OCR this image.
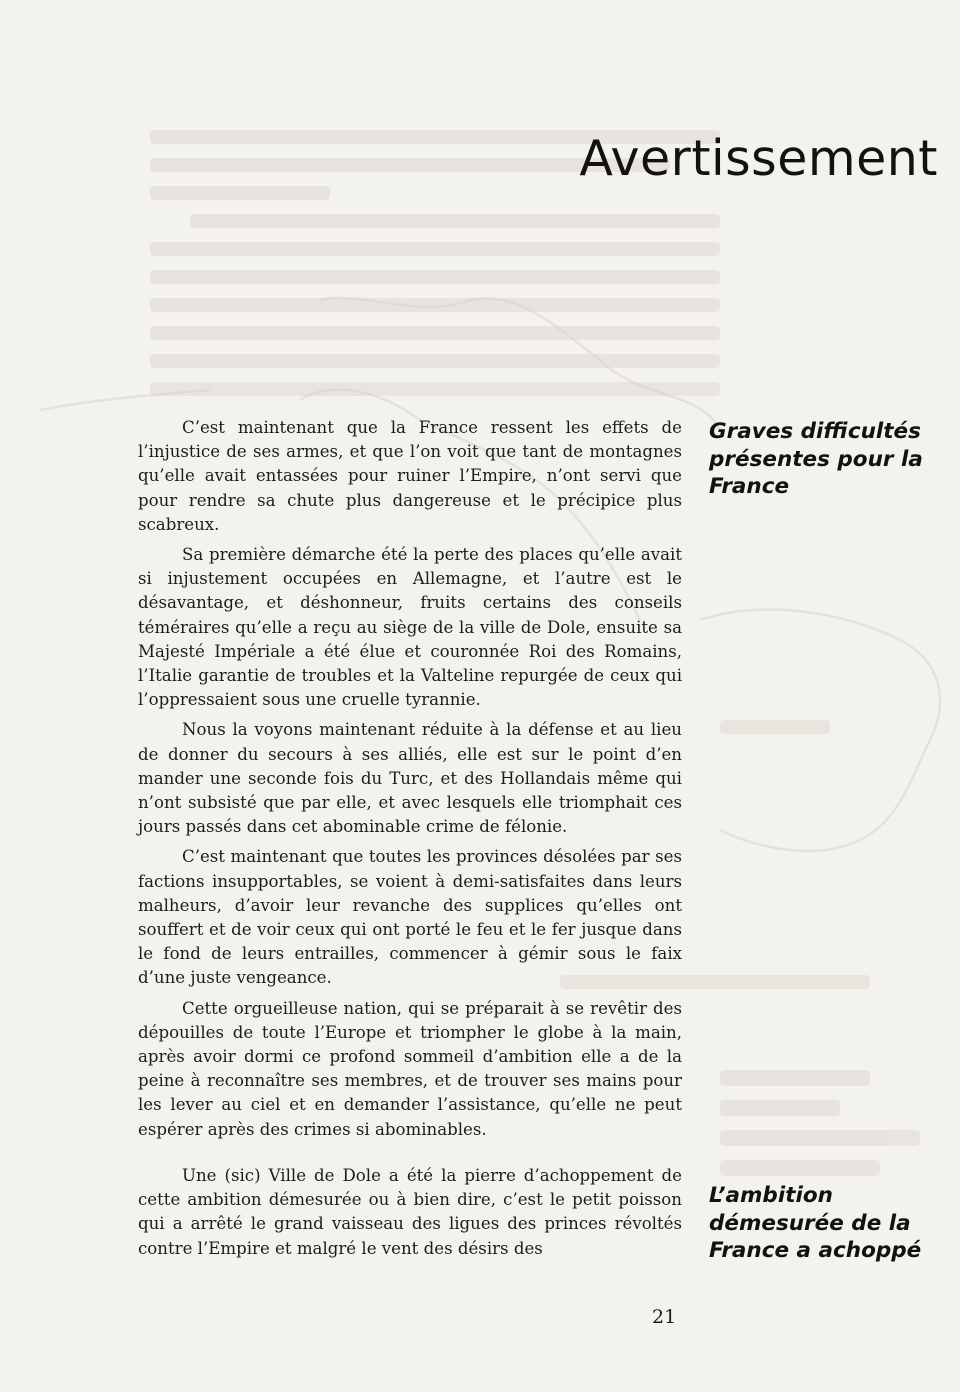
Avertissement

C’est maintenant que la France ressent les effets de l’injustice de ses armes, et que l’on voit que tant de montagnes qu’elle avait entassées pour ruiner l’Empire, n’ont servi que pour rendre sa chute plus dangereuse et le précipice plus scabreux.

Sa première démarche été la perte des places qu’elle avait si injustement occupées en Allemagne, et l’autre est le désavantage, et déshonneur, fruits certains des conseils téméraires qu’elle a reçu au siège de la ville de Dole, ensuite sa Majesté Impériale a été élue et couronnée Roi des Romains, l’Italie garantie de troubles et la Valteline repurgée de ceux qui l’oppressaient sous une cruelle tyrannie.

Nous la voyons maintenant réduite à la défense et au lieu de donner du secours à ses alliés, elle est sur le point d’en mander une seconde fois du Turc, et des Hollandais même qui n’ont subsisté que par elle, et avec lesquels elle triomphait ces jours passés dans cet abominable crime de félonie.

C’est maintenant que toutes les provinces désolées par ses factions insupportables, se voient à demi-satisfaites dans leurs malheurs, d’avoir leur revanche des supplices qu’elles ont souffert et de voir ceux qui ont porté le feu et le fer jusque dans le fond de leurs entrailles, commencer à gémir sous le faix d’une juste vengeance.

Cette orgueilleuse nation, qui se préparait à se revêtir des dépouilles de toute l’Europe et triompher le globe à la main, après avoir dormi ce profond sommeil d’ambition elle a de la peine à reconnaître ses membres, et de trouver ses mains pour les lever au ciel et en demander l’assistance, qu’elle ne peut espérer après des crimes si abominables.

Une (sic) Ville de Dole a été la pierre d’achoppement de cette ambition démesurée ou à bien dire, c’est le petit poisson qui a arrêté le grand vaisseau des ligues des princes révoltés contre l’Empire et malgré le vent des désirs des

Graves difficultés présentes pour la France

L’ambition démesurée de la France a achoppé

21
